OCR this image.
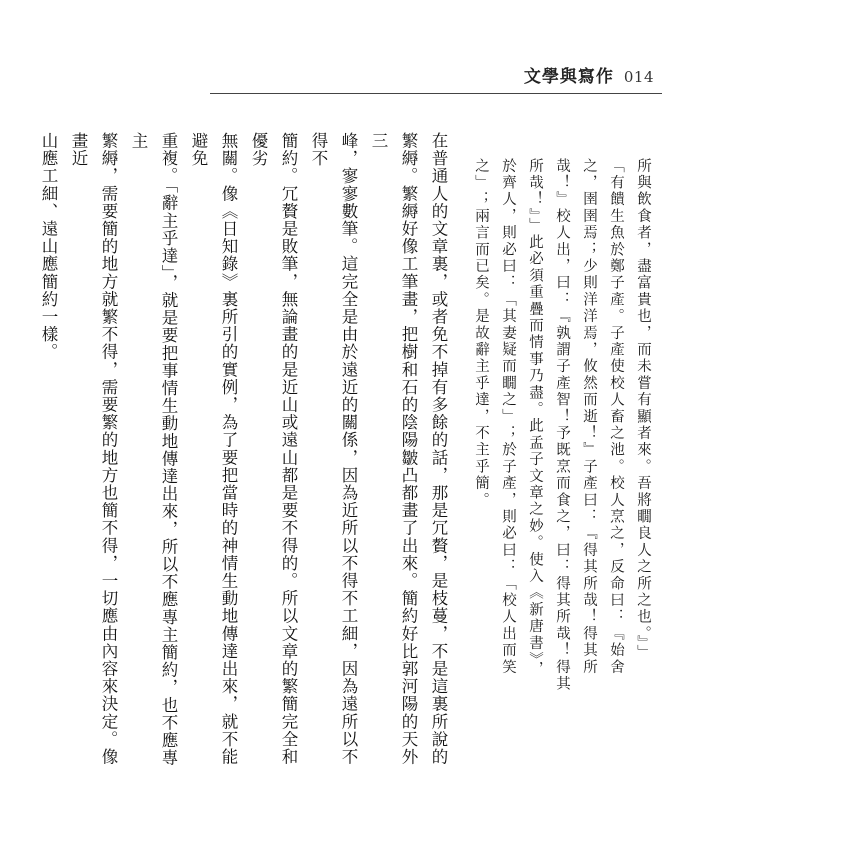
文學與寫作 014
所與飲食者，盡富貴也，而未嘗有顯者來。吾將瞯良人之所之也。』」
「有饋生魚於鄭子產。子產使校人畜之池。校人烹之，反命曰：『始舍
之，圉圉焉；少則洋洋焉，攸然而逝！』子產曰：『得其所哉！得其所
哉！』校人出，曰：『孰謂子產智！予既烹而食之，曰：得其所哉！得其
所哉！』」此必須重疊而情事乃盡。此孟子文章之妙。使入《新唐書》，
於齊人，則必曰：「其妻疑而瞯之」；於子產，則必曰：「校人出而笑
之」；兩言而已矣。是故辭主乎達，不主乎簡。
在普通人的文章裏，或者免不掉有多餘的話，那是冗贅，是枝蔓，不是這裏所說的
繁縟。繁縟好像工筆畫，把樹和石的陰陽皺凸都畫了出來。簡約好比郭河陽的天外三
峰，寥寥數筆。這完全是由於遠近的關係，因為近所以不得不工細，因為遠所以不得不
簡約。冗贅是敗筆，無論畫的是近山或遠山都是要不得的。所以文章的繁簡完全和優劣
無關。像《日知錄》裏所引的實例，為了要把當時的神情生動地傳達出來，就不能避免
重複。「辭主乎達」，就是要把事情生動地傳達出來，所以不應專主簡約，也不應專主
繁縟，需要簡的地方就繁不得，需要繁的地方也簡不得，一切應由內容來決定。像畫近
山應工細、遠山應簡約一樣。
